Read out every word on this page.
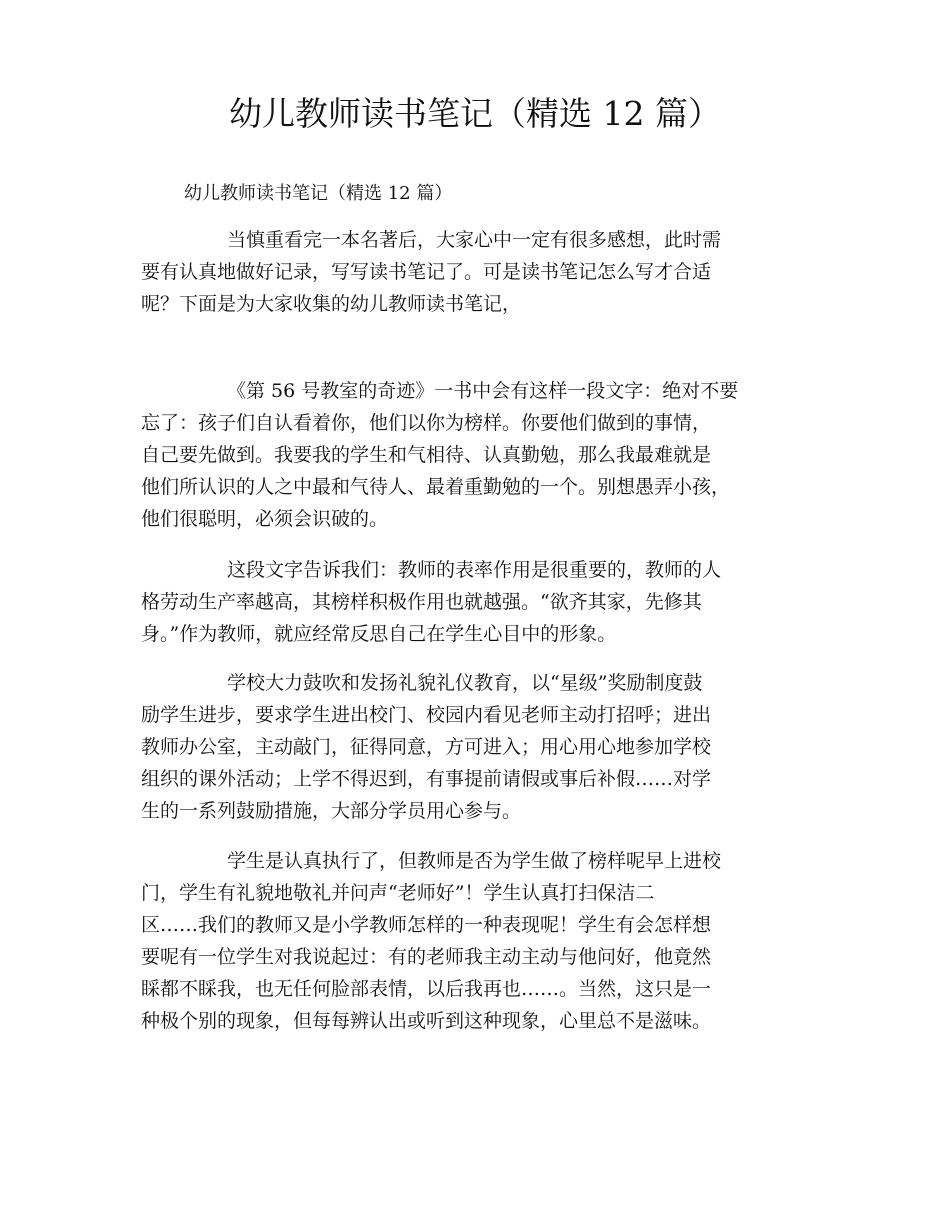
幼儿教师读书笔记（精选 12 篇）

幼儿教师读书笔记（精选 12 篇）

当慎重看完一本名著后，大家心中一定有很多感想，此时需
要有认真地做好记录，写写读书笔记了。可是读书笔记怎么写才合适
呢？下面是为大家收集的幼儿教师读书笔记，
《第 56 号教室的奇迹》一书中会有这样一段文字：绝对不要
忘了：孩子们自认看着你，他们以你为榜样。你要他们做到的事情，
自己要先做到。我要我的学生和气相待、认真勤勉，那么我最难就是
他们所认识的人之中最和气待人、最着重勤勉的一个。别想愚弄小孩，
他们很聪明，必须会识破的。
这段文字告诉我们：教师的表率作用是很重要的，教师的人
格劳动生产率越高，其榜样积极作用也就越强。“欲齐其家，先修其
身。”作为教师，就应经常反思自己在学生心目中的形象。
学校大力鼓吹和发扬礼貌礼仪教育，以“星级”奖励制度鼓
励学生进步，要求学生进出校门、校园内看见老师主动打招呼；进出
教师办公室，主动敲门，征得同意，方可进入；用心用心地参加学校
组织的课外活动；上学不得迟到，有事提前请假或事后补假……对学
生的一系列鼓励措施，大部分学员用心参与。
学生是认真执行了，但教师是否为学生做了榜样呢早上进校
门，学生有礼貌地敬礼并问声“老师好”！学生认真打扫保洁二
区……我们的教师又是小学教师怎样的一种表现呢！学生有会怎样想
要呢有一位学生对我说起过：有的老师我主动主动与他问好，他竟然
睬都不睬我，也无任何脸部表情，以后我再也……。当然，这只是一
种极个别的现象，但每每辨认出或听到这种现象，心里总不是滋味。
